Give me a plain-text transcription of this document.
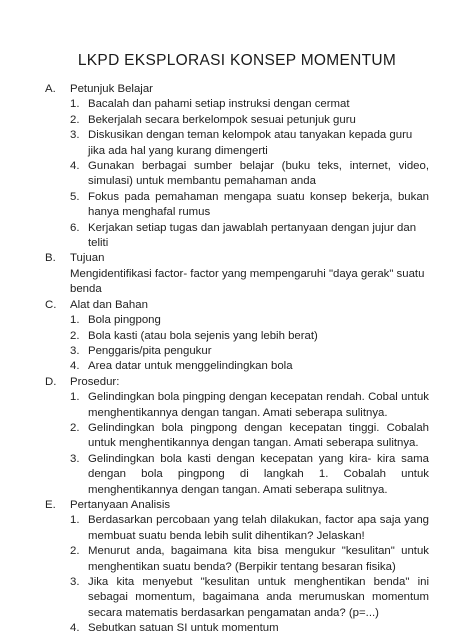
LKPD EKSPLORASI KONSEP MOMENTUM
A.	Petunjuk Belajar
1. Bacalah dan pahami setiap instruksi dengan cermat
2. Bekerjalah secara berkelompok sesuai petunjuk guru
3. Diskusikan dengan teman kelompok atau tanyakan kepada guru jika ada hal yang kurang dimengerti
4. Gunakan berbagai sumber belajar (buku teks, internet, video, simulasi) untuk membantu pemahaman anda
5. Fokus pada pemahaman mengapa suatu konsep bekerja, bukan hanya menghafal rumus
6. Kerjakan setiap tugas dan jawablah pertanyaan dengan jujur dan teliti
B.	Tujuan
Mengidentifikasi factor- factor yang mempengaruhi "daya gerak" suatu benda
C.	Alat dan Bahan
1. Bola pingpong
2. Bola kasti (atau bola sejenis yang lebih berat)
3. Penggaris/pita pengukur
4. Area datar untuk menggelindingkan bola
D.	Prosedur:
1. Gelindingkan bola pingping dengan kecepatan rendah. Cobal untuk menghentikannya dengan tangan. Amati seberapa sulitnya.
2. Gelindingkan bola pingpong dengan kecepatan tinggi. Cobalah untuk menghentikannya dengan tangan. Amati seberapa sulitnya.
3. Gelindingkan bola kasti dengan kecepatan yang kira- kira sama dengan bola pingpong di langkah 1. Cobalah untuk menghentikannya dengan tangan. Amati seberapa sulitnya.
E.	Pertanyaan Analisis
1. Berdasarkan percobaan yang telah dilakukan, factor apa saja yang membuat suatu benda lebih sulit dihentikan? Jelaskan!
2. Menurut anda, bagaimana kita bisa mengukur "kesulitan" untuk menghentikan suatu benda? (Berpikir tentang besaran fisika)
3. Jika kita menyebut "kesulitan untuk menghentikan benda" ini sebagai momentum, bagaimana anda merumuskan momentum secara matematis berdasarkan pengamatan anda? (p=...)
4. Sebutkan satuan SI untuk momentum
